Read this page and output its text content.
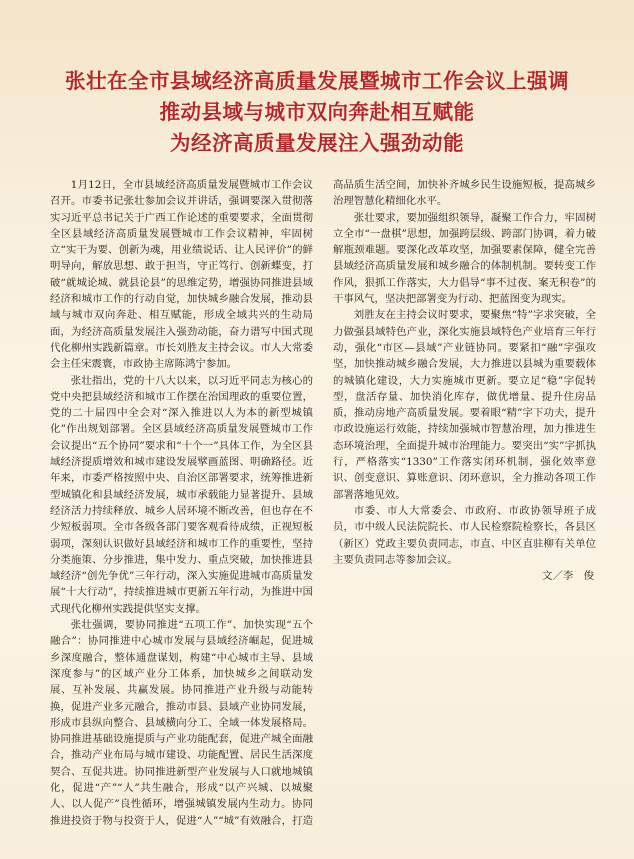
张壮在全市县域经济高质量发展暨城市工作会议上强调
推动县域与城市双向奔赴相互赋能
为经济高质量发展注入强劲动能

1月12日，全市县域经济高质量发展暨城市工作会议召开。市委书记张壮参加会议并讲话，强调要深入贯彻落实习近平总书记关于广西工作论述的重要要求，全面贯彻全区县域经济高质量发展暨城市工作会议精神，牢固树立“实干为要、创新为魂，用业绩说话、让人民评价”的鲜明导向，解放思想、敢于担当，守正笃行、创新蝶变，打破“就城论城、就县论县”的思维定势，增强协同推进县域经济和城市工作的行动自觉，加快城乡融合发展，推动县域与城市双向奔赴、相互赋能，形成全域共兴的生动局面，为经济高质量发展注入强劲动能，奋力谱写中国式现代化柳州实践新篇章。市长刘胜友主持会议。市人大常委会主任宋震寰，市政协主席陈鸿宁参加。

张壮指出，党的十八大以来，以习近平同志为核心的党中央把县域经济和城市工作摆在治国理政的重要位置，党的二十届四中全会对“深入推进以人为本的新型城镇化”作出规划部署。全区县域经济高质量发展暨城市工作会议提出“五个协同”要求和“十个一”具体工作，为全区县域经济提质增效和城市建设发展擘画蓝图、明确路径。近年来，市委严格按照中央、自治区部署要求，统筹推进新型城镇化和县域经济发展，城市承载能力显著提升、县域经济活力持续释放、城乡人居环境不断改善，但也存在不少短板弱项。全市各级各部门要客观看待成绩，正视短板弱项，深刻认识做好县域经济和城市工作的重要性，坚持分类施策、分步推进，集中发力、重点突破，加快推进县域经济“创先争优”三年行动，深入实施促进城市高质量发展“十大行动”，持续推进城市更新五年行动，为推进中国式现代化柳州实践提供坚实支撑。

张壮强调，要协同推进“五项工作”、加快实现“五个融合”：协同推进中心城市发展与县域经济崛起，促进城乡深度融合，整体通盘谋划，构建“中心城市主导、县域深度参与”的区域产业分工体系，加快城乡之间联动发展、互补发展、共赢发展。协同推进产业升级与动能转换，促进产业多元融合，推动市县、县域产业协同发展，形成市县纵向整合、县域横向分工、全域一体发展格局。协同推进基础设施提质与产业功能配套，促进产城全面融合，推动产业布局与城市建设、功能配置、居民生活深度契合、互促共进。协同推进新型产业发展与人口就地城镇化，促进“产”“人”共生融合，形成“以产兴城、以城聚人、以人促产”良性循环，增强城镇发展内生动力。协同推进投资于物与投资于人，促进“人”“城”有效融合，打造高品质生活空间，加快补齐城乡民生设施短板，提高城乡治理智慧化精细化水平。

张壮要求，要加强组织领导，凝聚工作合力，牢固树立全市“一盘棋”思想，加强跨层级、跨部门协调，着力破解瓶颈难题。要深化改革攻坚，加强要素保障，健全完善县域经济高质量发展和城乡融合的体制机制。要转变工作作风，狠抓工作落实，大力倡导“事不过夜、案无积卷”的干事风气，坚决把部署变为行动、把蓝图变为现实。

刘胜友在主持会议时要求，要聚焦“特”字求突破，全力做强县域特色产业，深化实施县域特色产业培育三年行动，强化“市区—县域”产业链协同。要紧扣“融”字强攻坚，加快推动城乡融合发展，大力推进以县城为重要载体的城镇化建设，大力实施城市更新。要立足“稳”字促转型，盘活存量、加快消化库存，做优增量、提升住房品质，推动房地产高质量发展。要着眼“精”字下功夫，提升市政设施运行效能，持续加强城市智慧治理，加力推进生态环境治理，全面提升城市治理能力。要突出“实”字抓执行，严格落实“1330”工作落实闭环机制，强化效率意识、创变意识、算账意识、闭环意识，全力推动各项工作部署落地见效。

市委、市人大常委会、市政府、市政协领导班子成员，市中级人民法院院长、市人民检察院检察长，各县区（新区）党政主要负责同志，市直、中区直驻柳有关单位主要负责同志等参加会议。

文／李　俊
